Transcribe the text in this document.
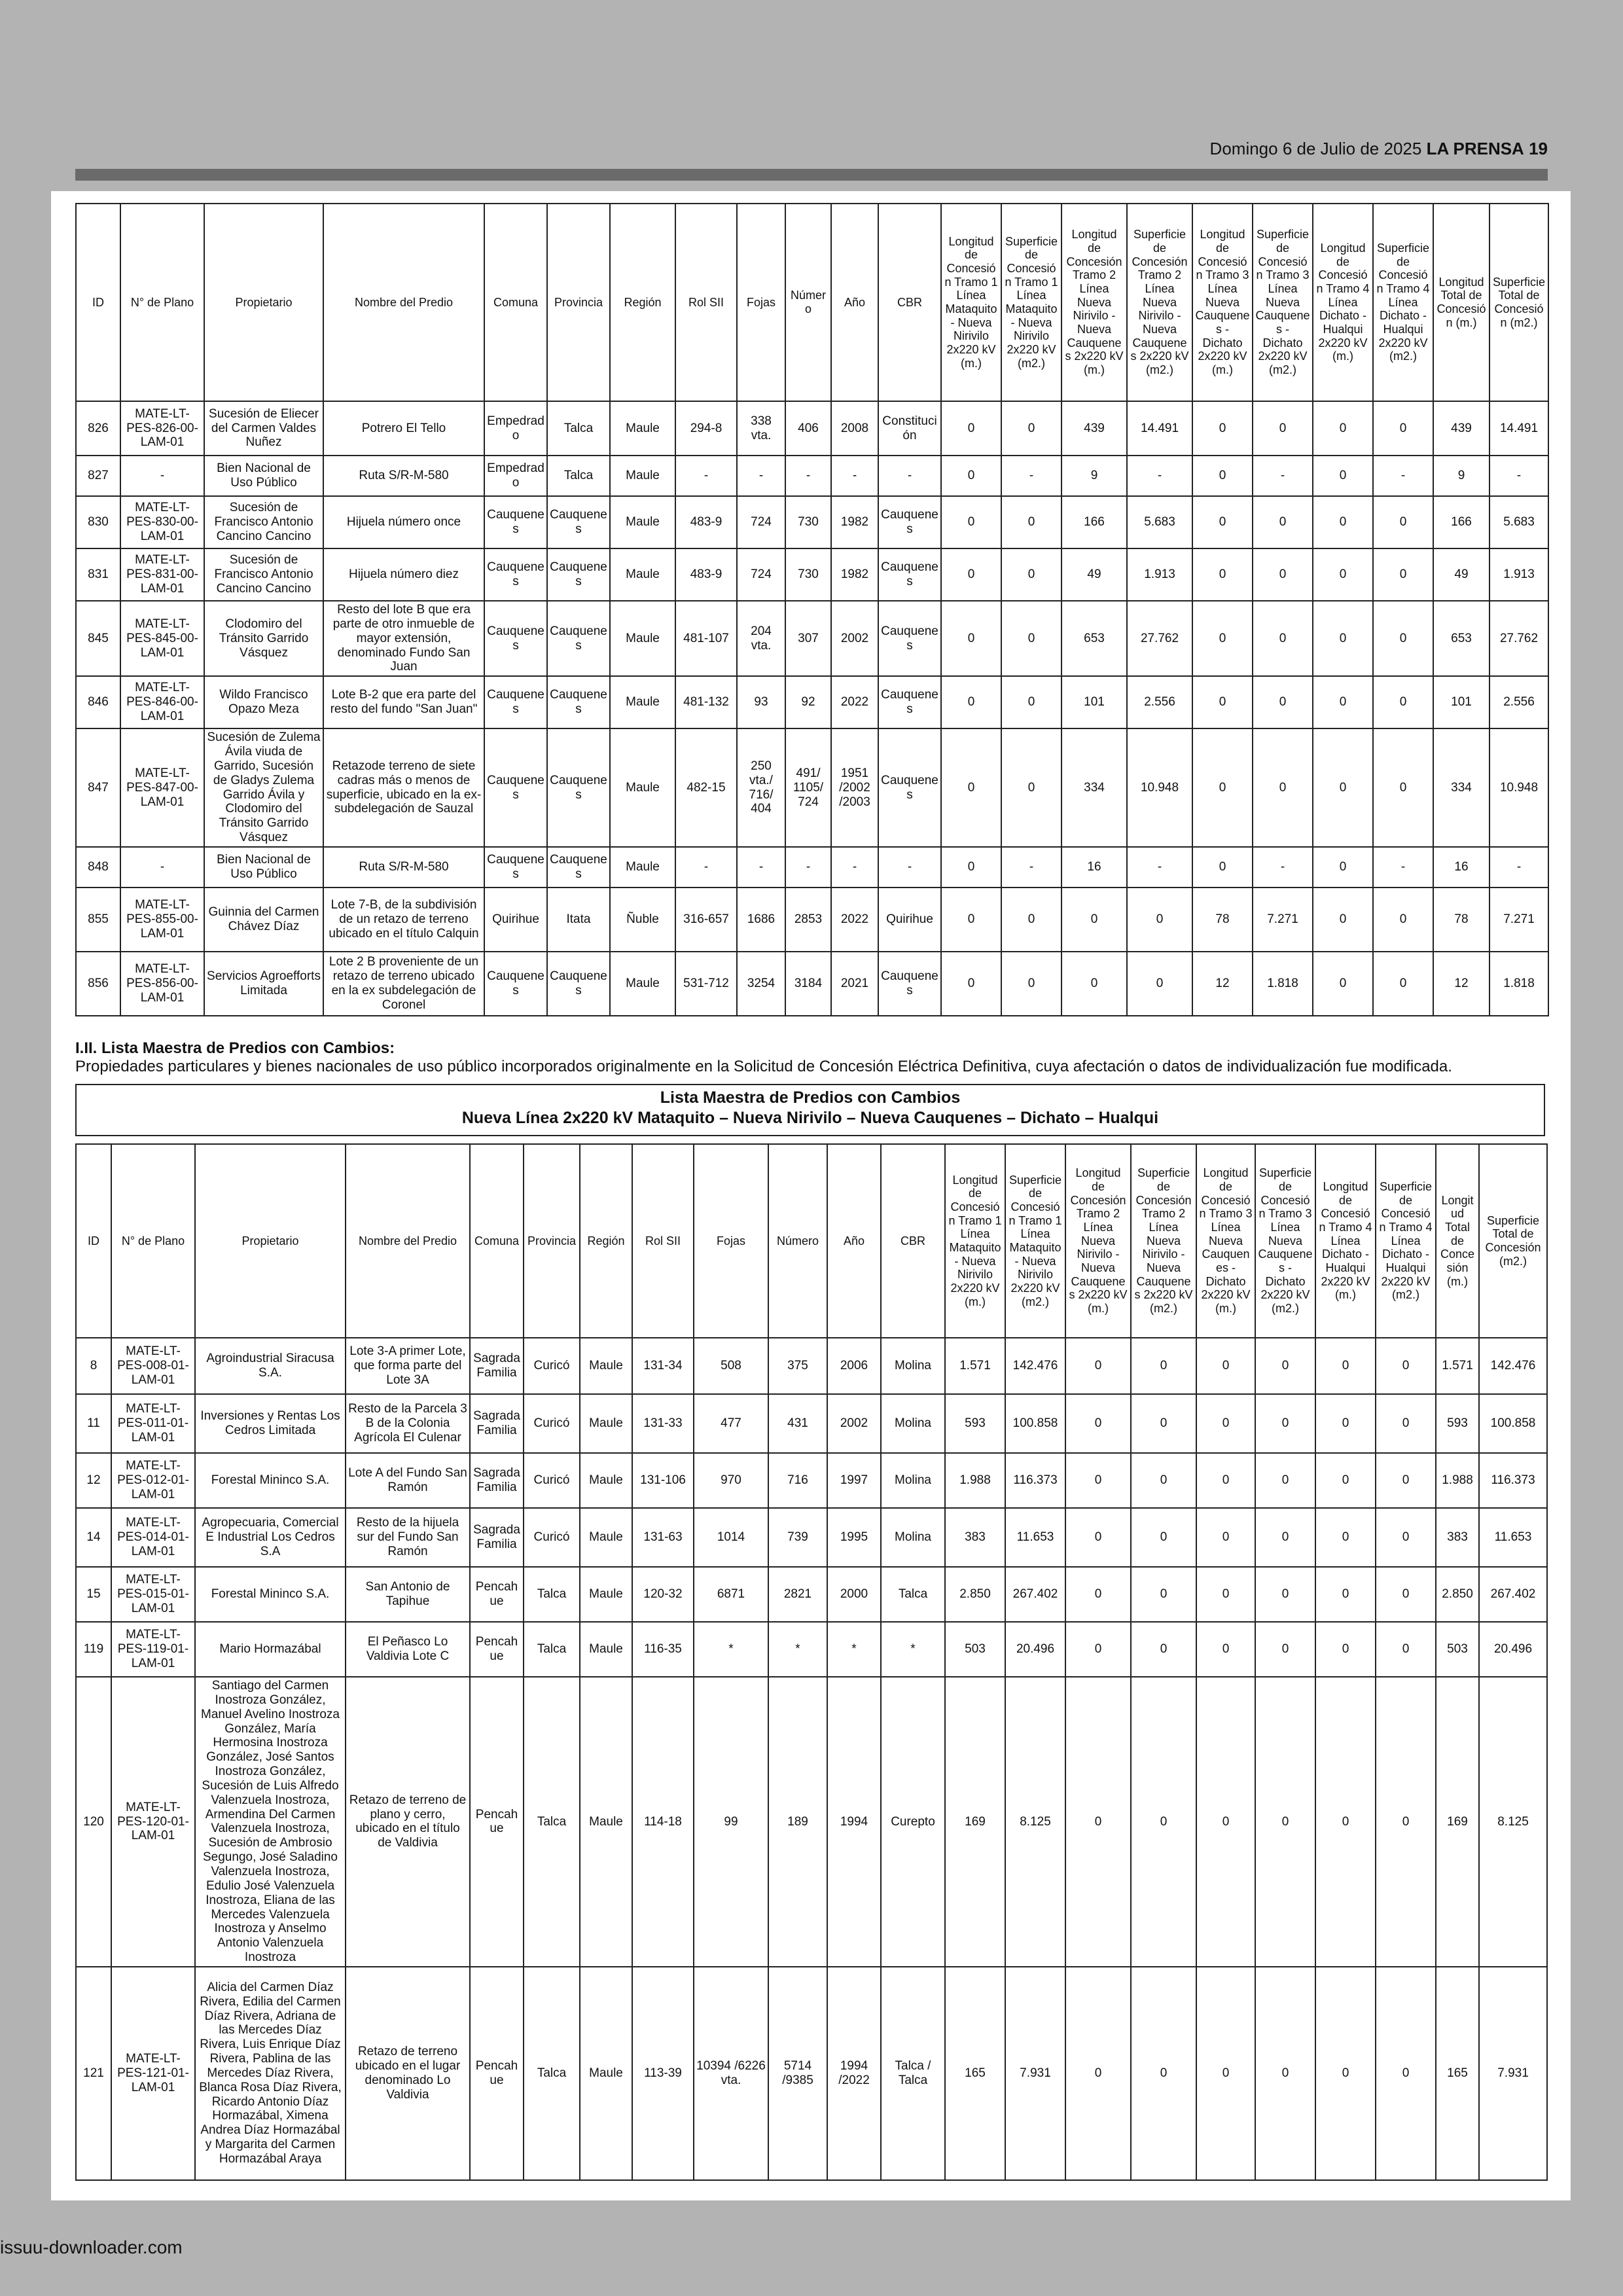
Domingo 6 de Julio de 2025 LA PRENSA 19
ID	N° de Plano	Propietario	Nombre del Predio	Comuna	Provincia	Región	Rol SII	Fojas	Número	Año	CBR	Longitud de Concesión Tramo 1 Línea Mataquito - Nueva Nirivilo 2x220 kV (m.)	Superficie de Concesión Tramo 1 Línea Mataquito - Nueva Nirivilo 2x220 kV (m2.)	Longitud de Concesión Tramo 2 Línea Nueva Nirivilo - Nueva Cauquenes 2x220 kV (m.)	Superficie de Concesión Tramo 2 Línea Nueva Nirivilo - Nueva Cauquenes 2x220 kV (m2.)	Longitud de Concesión Tramo 3 Línea Nueva Cauquenes - Dichato 2x220 kV (m.)	Superficie de Concesión Tramo 3 Línea Nueva Cauquenes - Dichato 2x220 kV (m2.)	Longitud de Concesión Tramo 4 Línea Dichato - Hualqui 2x220 kV (m.)	Superficie de Concesión Tramo 4 Línea Dichato - Hualqui 2x220 kV (m2.)	Longitud Total de Concesión (m.)	Superficie Total de Concesión (m2.)
826	MATE-LT-PES-826-00-LAM-01	Sucesión de Eliecer del Carmen Valdes Nuñez	Potrero El Tello	Empedrado	Talca	Maule	294-8	338 vta.	406	2008	Constitución	0	0	439	14.491	0	0	0	0	439	14.491
827	-	Bien Nacional de Uso Público	Ruta S/R-M-580	Empedrado	Talca	Maule	-	-	-	-	-	0	-	9	-	0	-	0	-	9	-
830	MATE-LT-PES-830-00-LAM-01	Sucesión de Francisco Antonio Cancino Cancino	Hijuela número once	Cauquenes	Cauquenes	Maule	483-9	724	730	1982	Cauquenes	0	0	166	5.683	0	0	0	0	166	5.683
831	MATE-LT-PES-831-00-LAM-01	Sucesión de Francisco Antonio Cancino Cancino	Hijuela número diez	Cauquenes	Cauquenes	Maule	483-9	724	730	1982	Cauquenes	0	0	49	1.913	0	0	0	0	49	1.913
845	MATE-LT-PES-845-00-LAM-01	Clodomiro del Tránsito Garrido Vásquez	Resto del lote B que era parte de otro inmueble de mayor extensión, denominado Fundo San Juan	Cauquenes	Cauquenes	Maule	481-107	204 vta.	307	2002	Cauquenes	0	0	653	27.762	0	0	0	0	653	27.762
846	MATE-LT-PES-846-00-LAM-01	Wildo Francisco Opazo Meza	Lote B-2 que era parte del resto del fundo "San Juan"	Cauquenes	Cauquenes	Maule	481-132	93	92	2022	Cauquenes	0	0	101	2.556	0	0	0	0	101	2.556
847	MATE-LT-PES-847-00-LAM-01	Sucesión de Zulema Ávila viuda de Garrido, Sucesión de Gladys Zulema Garrido Ávila y Clodomiro del Tránsito Garrido Vásquez	Retazode terreno de siete cadras más o menos de superficie, ubicado en la ex-subdelegación de Sauzal	Cauquenes	Cauquenes	Maule	482-15	250 vta./ 716/ 404	491/ 1105/ 724	1951 /2002 /2003	Cauquenes	0	0	334	10.948	0	0	0	0	334	10.948
848	-	Bien Nacional de Uso Público	Ruta S/R-M-580	Cauquenes	Cauquenes	Maule	-	-	-	-	-	0	-	16	-	0	-	0	-	16	-
855	MATE-LT-PES-855-00-LAM-01	Guinnia del Carmen Chávez Díaz	Lote 7-B, de la subdivisión de un retazo de terreno ubicado en el título Calquin	Quirihue	Itata	Ñuble	316-657	1686	2853	2022	Quirihue	0	0	0	0	78	7.271	0	0	78	7.271
856	MATE-LT-PES-856-00-LAM-01	Servicios Agroefforts Limitada	Lote 2 B proveniente de un retazo de terreno ubicado en la ex subdelegación de Coronel	Cauquenes	Cauquenes	Maule	531-712	3254	3184	2021	Cauquenes	0	0	0	0	12	1.818	0	0	12	1.818
I.II. Lista Maestra de Predios con Cambios:
Propiedades particulares y bienes nacionales de uso público incorporados originalmente en la Solicitud de Concesión Eléctrica Definitiva, cuya afectación o datos de individualización fue modificada.
Lista Maestra de Predios con Cambios
Nueva Línea 2x220 kV Mataquito – Nueva Nirivilo – Nueva Cauquenes – Dichato – Hualqui
ID	N° de Plano	Propietario	Nombre del Predio	Comuna	Provincia	Región	Rol SII	Fojas	Número	Año	CBR	Longitud de Concesión Tramo 1 Línea Mataquito - Nueva Nirivilo 2x220 kV (m.)	Superficie de Concesión Tramo 1 Línea Mataquito - Nueva Nirivilo 2x220 kV (m2.)	Longitud de Concesión Tramo 2 Línea Nueva Nirivilo - Nueva Cauquenes 2x220 kV (m.)	Superficie de Concesión Tramo 2 Línea Nueva Nirivilo - Nueva Cauquenes 2x220 kV (m2.)	Longitud de Concesión Tramo 3 Línea Nueva Cauquenes - Dichato 2x220 kV (m.)	Superficie de Concesión Tramo 3 Línea Nueva Cauquenes - Dichato 2x220 kV (m2.)	Longitud de Concesión Tramo 4 Línea Dichato - Hualqui 2x220 kV (m.)	Superficie de Concesión Tramo 4 Línea Dichato - Hualqui 2x220 kV (m2.)	Longitud Total de Concesión (m.)	Superficie Total de Concesión (m2.)
8	MATE-LT-PES-008-01-LAM-01	Agroindustrial Siracusa S.A.	Lote 3-A primer Lote, que forma parte del Lote 3A	Sagrada Familia	Curicó	Maule	131-34	508	375	2006	Molina	1.571	142.476	0	0	0	0	0	0	1.571	142.476
11	MATE-LT-PES-011-01-LAM-01	Inversiones y Rentas Los Cedros Limitada	Resto de la Parcela 3 B de la Colonia Agrícola El Culenar	Sagrada Familia	Curicó	Maule	131-33	477	431	2002	Molina	593	100.858	0	0	0	0	0	0	593	100.858
12	MATE-LT-PES-012-01-LAM-01	Forestal Mininco S.A.	Lote A del Fundo San Ramón	Sagrada Familia	Curicó	Maule	131-106	970	716	1997	Molina	1.988	116.373	0	0	0	0	0	0	1.988	116.373
14	MATE-LT-PES-014-01-LAM-01	Agropecuaria, Comercial E Industrial Los Cedros S.A	Resto de la hijuela sur del Fundo San Ramón	Sagrada Familia	Curicó	Maule	131-63	1014	739	1995	Molina	383	11.653	0	0	0	0	0	0	383	11.653
15	MATE-LT-PES-015-01-LAM-01	Forestal Mininco S.A.	San Antonio de Tapihue	Pencahue	Talca	Maule	120-32	6871	2821	2000	Talca	2.850	267.402	0	0	0	0	0	0	2.850	267.402
119	MATE-LT-PES-119-01-LAM-01	Mario Hormazábal	El Peñasco Lo Valdivia Lote C	Pencahue	Talca	Maule	116-35	*	*	*	*	503	20.496	0	0	0	0	0	0	503	20.496
120	MATE-LT-PES-120-01-LAM-01	Santiago del Carmen Inostroza González, Manuel Avelino Inostroza González, María Hermosina Inostroza González, José Santos Inostroza González, Sucesión de Luis Alfredo Valenzuela Inostroza, Armendina Del Carmen Valenzuela Inostroza, Sucesión de Ambrosio Segungo, José Saladino Valenzuela Inostroza, Edulio José Valenzuela Inostroza, Eliana de las Mercedes Valenzuela Inostroza y Anselmo Antonio Valenzuela Inostroza	Retazo de terreno de plano y cerro, ubicado en el título de Valdivia	Pencahue	Talca	Maule	114-18	99	189	1994	Curepto	169	8.125	0	0	0	0	0	0	169	8.125
121	MATE-LT-PES-121-01-LAM-01	Alicia del Carmen Díaz Rivera, Edilia del Carmen Díaz Rivera, Adriana de las Mercedes Díaz Rivera, Luis Enrique Díaz Rivera, Pablina de las Mercedes Díaz Rivera, Blanca Rosa Díaz Rivera, Ricardo Antonio Díaz Hormazábal, Ximena Andrea Díaz Hormazábal y Margarita del Carmen Hormazábal Araya	Retazo de terreno ubicado en el lugar denominado Lo Valdivia	Pencahue	Talca	Maule	113-39	10394 /6226 vta.	5714 /9385	1994 /2022	Talca / Talca	165	7.931	0	0	0	0	0	0	165	7.931
issuu-downloader.com
